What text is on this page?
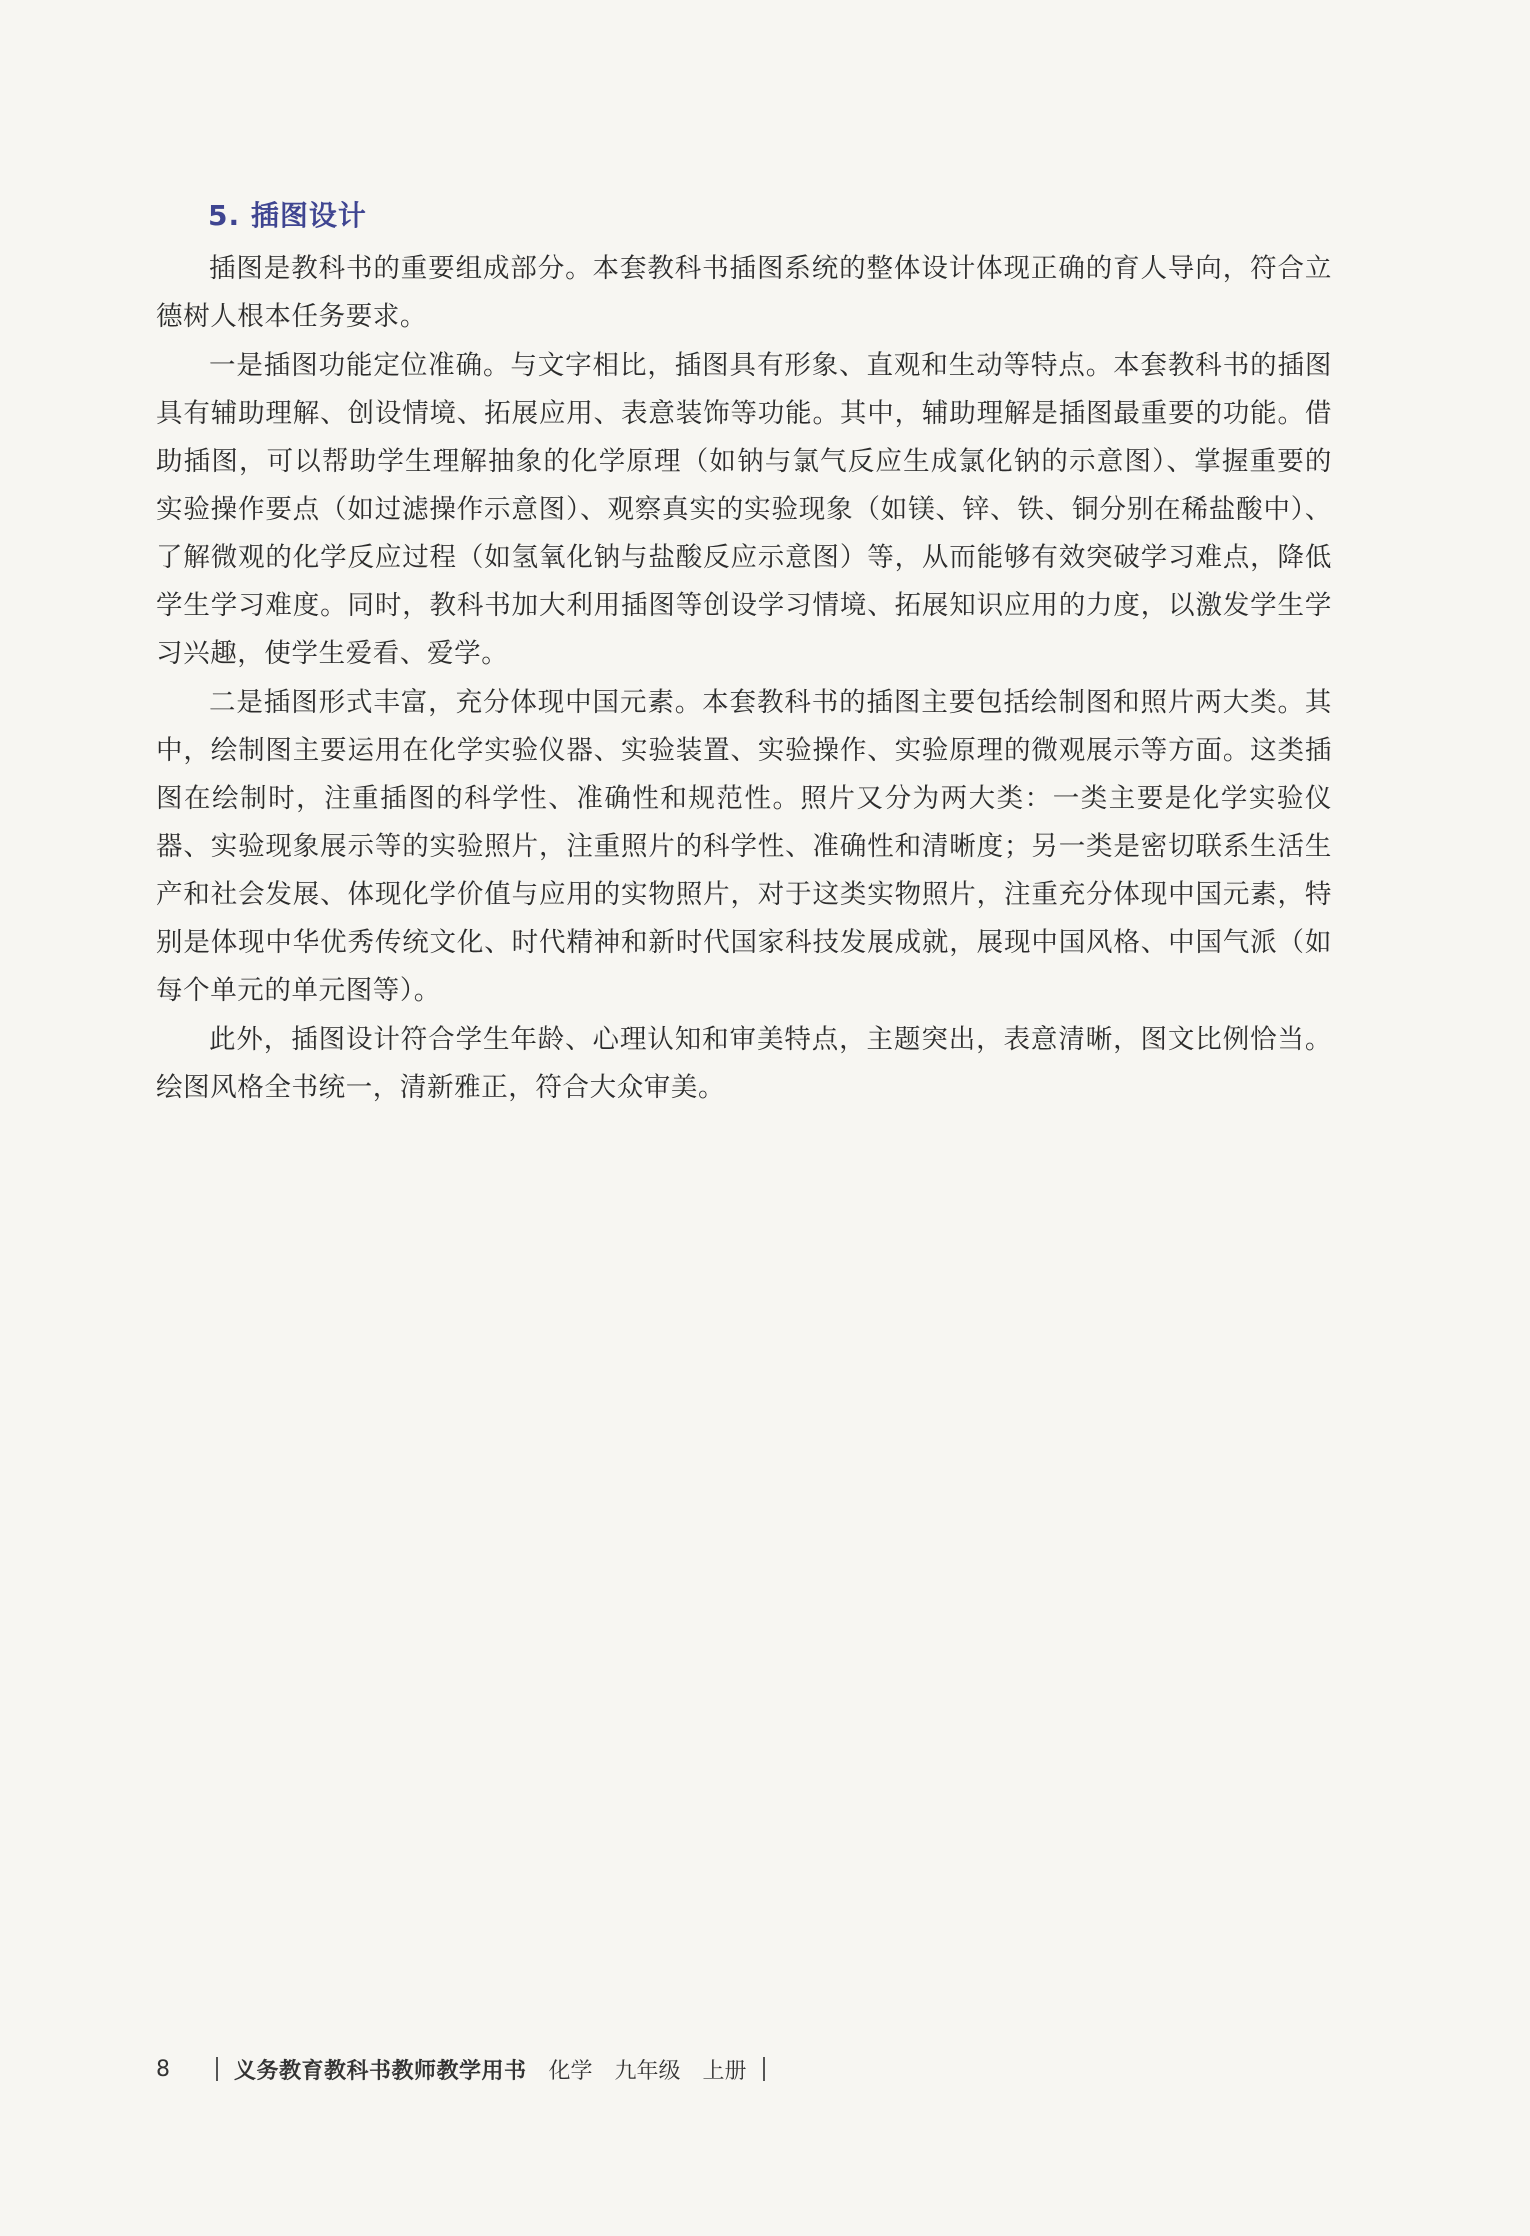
5. 插图设计

插图是教科书的重要组成部分。本套教科书插图系统的整体设计体现正确的育人导向，符合立德树人根本任务要求。

一是插图功能定位准确。与文字相比，插图具有形象、直观和生动等特点。本套教科书的插图具有辅助理解、创设情境、拓展应用、表意装饰等功能。其中，辅助理解是插图最重要的功能。借助插图，可以帮助学生理解抽象的化学原理（如钠与氯气反应生成氯化钠的示意图）、掌握重要的实验操作要点（如过滤操作示意图）、观察真实的实验现象（如镁、锌、铁、铜分别在稀盐酸中）、了解微观的化学反应过程（如氢氧化钠与盐酸反应示意图）等，从而能够有效突破学习难点，降低学生学习难度。同时，教科书加大利用插图等创设学习情境、拓展知识应用的力度，以激发学生学习兴趣，使学生爱看、爱学。

二是插图形式丰富，充分体现中国元素。本套教科书的插图主要包括绘制图和照片两大类。其中，绘制图主要运用在化学实验仪器、实验装置、实验操作、实验原理的微观展示等方面。这类插图在绘制时，注重插图的科学性、准确性和规范性。照片又分为两大类：一类主要是化学实验仪器、实验现象展示等的实验照片，注重照片的科学性、准确性和清晰度；另一类是密切联系生活生产和社会发展、体现化学价值与应用的实物照片，对于这类实物照片，注重充分体现中国元素，特别是体现中华优秀传统文化、时代精神和新时代国家科技发展成就，展现中国风格、中国气派（如每个单元的单元图等）。

此外，插图设计符合学生年龄、心理认知和审美特点，主题突出，表意清晰，图文比例恰当。绘图风格全书统一，清新雅正，符合大众审美。

8	义务教育教科书教师教学用书 化学 九年级 上册
